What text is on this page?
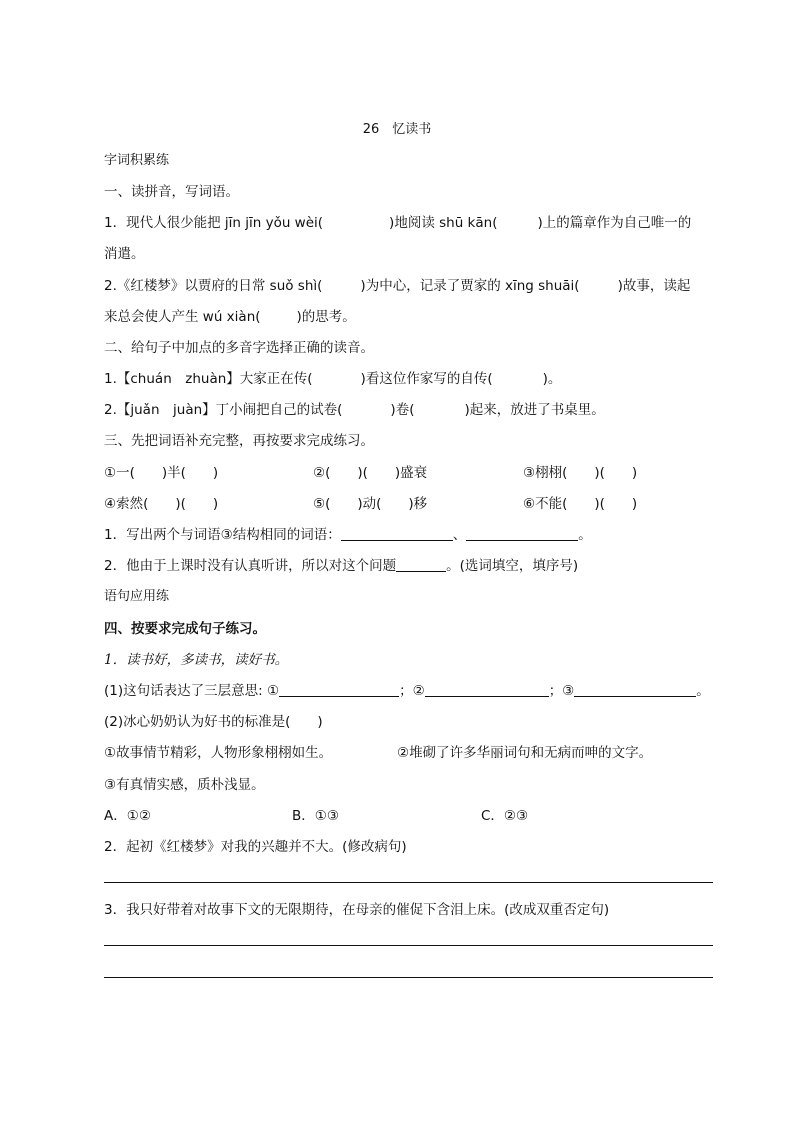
26　忆读书
字词积累练
一、读拼音，写词语。
1．现代人很少能把 jīn jīn yǒu wèi(	)地阅读 shū kān(	)上的篇章作为自己唯一的
消遣。
2.《红楼梦》以贾府的日常 suǒ shì(	)为中心，记录了贾家的 xīng shuāi(	)故事，读起
来总会使人产生 wú xiàn(	)的思考。
二、给句子中加点的多音字选择正确的读音。
1.【chuán　zhuàn】大家正在传(	)看这位作家写的自传(	)。
2.【juǎn　juàn】丁小闹把自己的试卷(	)卷(	)起来，放进了书桌里。
三、先把词语补充完整，再按要求完成练习。
①一(　　)半(　　)	②(　　)(　　)盛衰	③栩栩(　　)(　　)
④索然(　　)(　　)	⑤(　　)动(　　)移	⑥不能(　　)(　　)
1．写出两个与词语③结构相同的词语：	、	。
2．他由于上课时没有认真听讲，所以对这个问题	。(选词填空，填序号)
语句应用练
四、按要求完成句子练习。
1．读书好，多读书，读好书。
(1)这句话表达了三层意思: ①	；②	；③	。
(2)冰心奶奶认为好书的标准是(　　)
①故事情节精彩，人物形象栩栩如生。	②堆砌了许多华丽词句和无病而呻的文字。
③有真情实感，质朴浅显。
A．①②	B．①③	C．②③
2．起初《红楼梦》对我的兴趣并不大。(修改病句)
3．我只好带着对故事下文的无限期待，在母亲的催促下含泪上床。(改成双重否定句)
